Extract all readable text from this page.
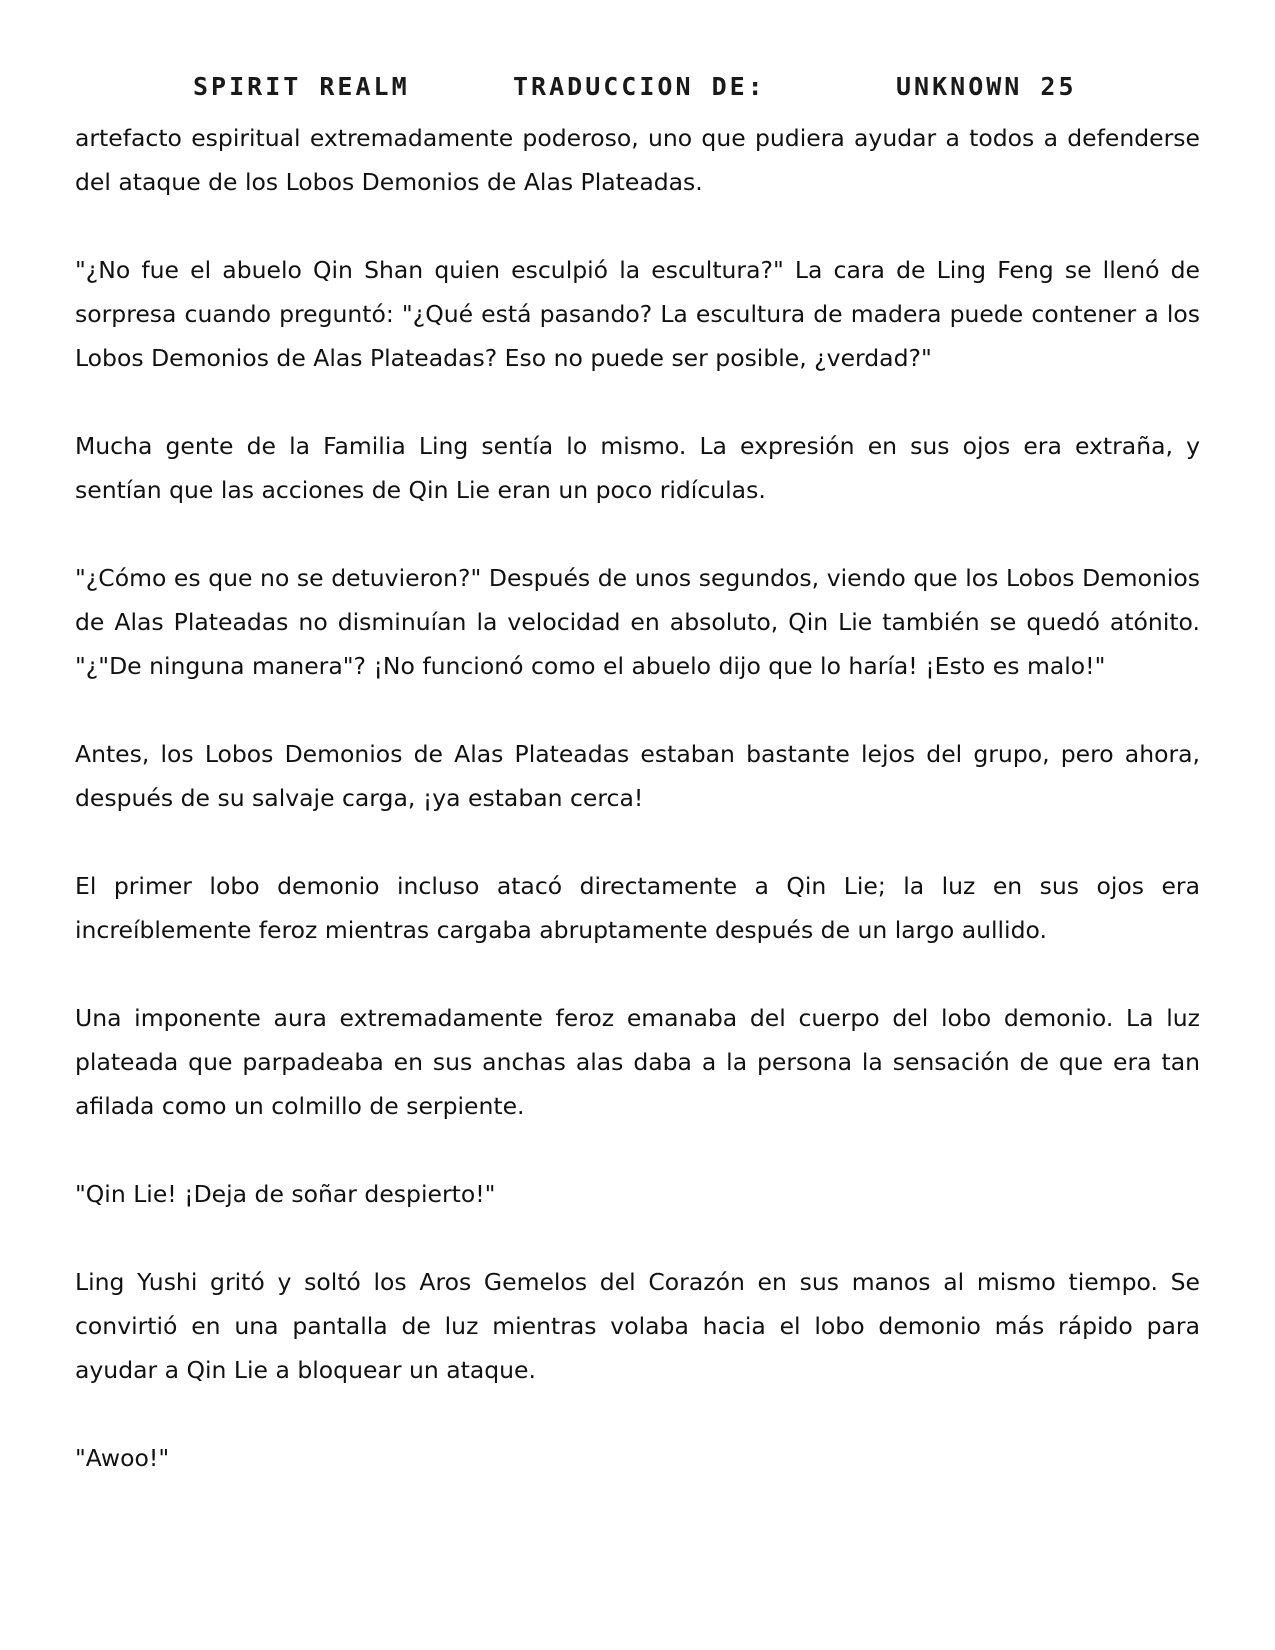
SPIRIT REALM	TRADUCCION DE:	UNKNOWN 25

artefacto espiritual extremadamente poderoso, uno que pudiera ayudar a todos a defenderse del ataque de los Lobos Demonios de Alas Plateadas.

"¿No fue el abuelo Qin Shan quien esculpió la escultura?" La cara de Ling Feng se llenó de sorpresa cuando preguntó: "¿Qué está pasando? La escultura de madera puede contener a los Lobos Demonios de Alas Plateadas? Eso no puede ser posible, ¿verdad?"

Mucha gente de la Familia Ling sentía lo mismo. La expresión en sus ojos era extraña, y sentían que las acciones de Qin Lie eran un poco ridículas.

"¿Cómo es que no se detuvieron?" Después de unos segundos, viendo que los Lobos Demonios de Alas Plateadas no disminuían la velocidad en absoluto, Qin Lie también se quedó atónito. "¿"De ninguna manera"? ¡No funcionó como el abuelo dijo que lo haría! ¡Esto es malo!"

Antes, los Lobos Demonios de Alas Plateadas estaban bastante lejos del grupo, pero ahora, después de su salvaje carga, ¡ya estaban cerca!

El primer lobo demonio incluso atacó directamente a Qin Lie; la luz en sus ojos era increíblemente feroz mientras cargaba abruptamente después de un largo aullido.

Una imponente aura extremadamente feroz emanaba del cuerpo del lobo demonio. La luz plateada que parpadeaba en sus anchas alas daba a la persona la sensación de que era tan afilada como un colmillo de serpiente.

"Qin Lie! ¡Deja de soñar despierto!"

Ling Yushi gritó y soltó los Aros Gemelos del Corazón en sus manos al mismo tiempo. Se convirtió en una pantalla de luz mientras volaba hacia el lobo demonio más rápido para ayudar a Qin Lie a bloquear un ataque.

"Awoo!"
